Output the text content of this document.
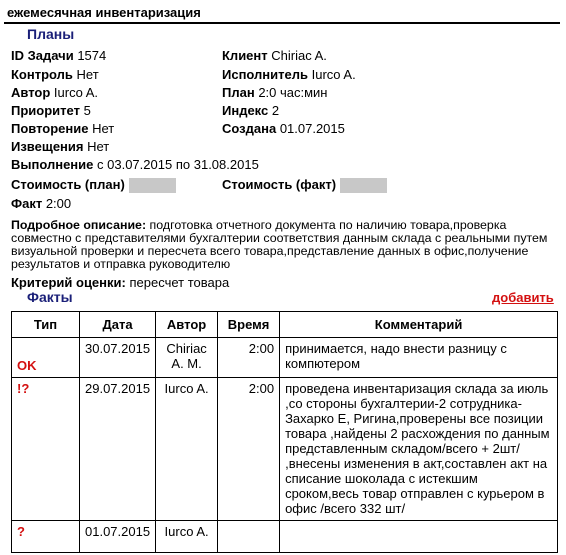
ежемесячная инвентаризация
Планы
ID Задачи 1574	Клиент Chiriac A.
Контроль Нет	Исполнитель Iurco A.
Автор Iurco A.	План 2:0 час:мин
Приоритет 5	Индекс 2
Повторение Нет	Создана 01.07.2015
Извещения Нет
Выполнение с 03.07.2015 по 31.08.2015
Стоимость (план)	Стоимость (факт)
Факт 2:00
Подробное описание: подготовка отчетного документа по наличию товара,проверка совместно с представителями бухгалтерии соответствия данным склада с реальными путем визуальной проверки и пересчета всего товара,представление данных в офис,получение результатов и отправка руководителю
Критерий оценки: пересчет товара
Факты	добавить
Тип	Дата	Автор	Время	Комментарий
OK	30.07.2015	Chiriac A. M.	2:00	принимается, надо внести разницу с компютером
!?	29.07.2015	Iurco A.	2:00	проведена инвентаризация склада за июль ,со стороны бухгалтерии-2 сотрудника-Захарко Е, Ригина,проверены все позиции товара ,найдены 2 расхождения по данным представленным складом/всего + 2шт/ ,внесены изменения в акт,составлен акт на списание шоколада с истекшим сроком,весь товар отправлен с курьером в офис /всего 332 шт/
?	01.07.2015	Iurco A.		
